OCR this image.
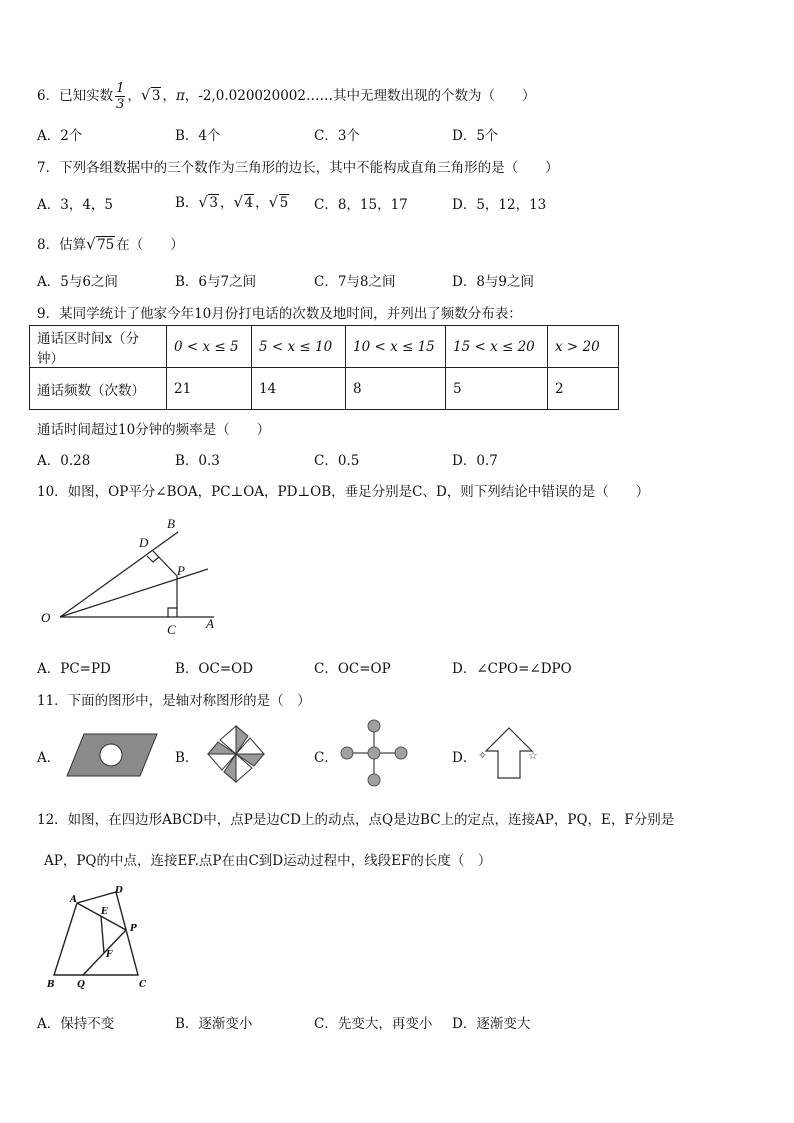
6．已知实数 $\frac{1}{3}$ ， √ 3 ，π，-2,0.020020002……其中无理数出现的个数为（　　）
A．2个	B．4个	C．3个	D．5个
7．下列各组数据中的三个数作为三角形的边长，其中不能构成直角三角形的是（　　）
A．3，4，5	B． √ 3 ， √ 4 ， √ 5 C．8，15，17	D．5，12，13
8．估算 √ 75 在（　　）
A．5与6之间	B．6与7之间	C．7与8之间	D．8与9之间
9．某同学统计了他家今年10月份打电话的次数及地时间，并列出了频数分布表：
通话区时间x（分钟）	0 < x ≤ 5	5 < x ≤ 10	10 < x ≤ 15	15 < x ≤ 20	x > 20
通话频数（次数）	21	14	8	5	2
通话时间超过10分钟的频率是（　　）
A．0.28	B．0.3	C．0.5	D．0.7
10．如图，OP平分∠BOA，PC⊥OA，PD⊥OB，垂足分别是C、D，则下列结论中错误的是（　　）
B
D
P
O
C A
A．PC=PD	B．OC=OD	C．OC=OP	D．∠CPO=∠DPO
11．下面的图形中，是轴对称图形的是（　）
A．	B．	C．	D． ✧	☆
12．如图，在四边形ABCD中，点P是边CD上的动点，点Q是边BC上的定点，连接AP，PQ，E，F分别是
AP，PQ的中点，连接EF.点P在由C到D运动过程中，线段EF的长度（　）
A
D
E
P
F
B Q	C
A．保持不变	B．逐渐变小	C．先变大，再变小 D．逐渐变大
